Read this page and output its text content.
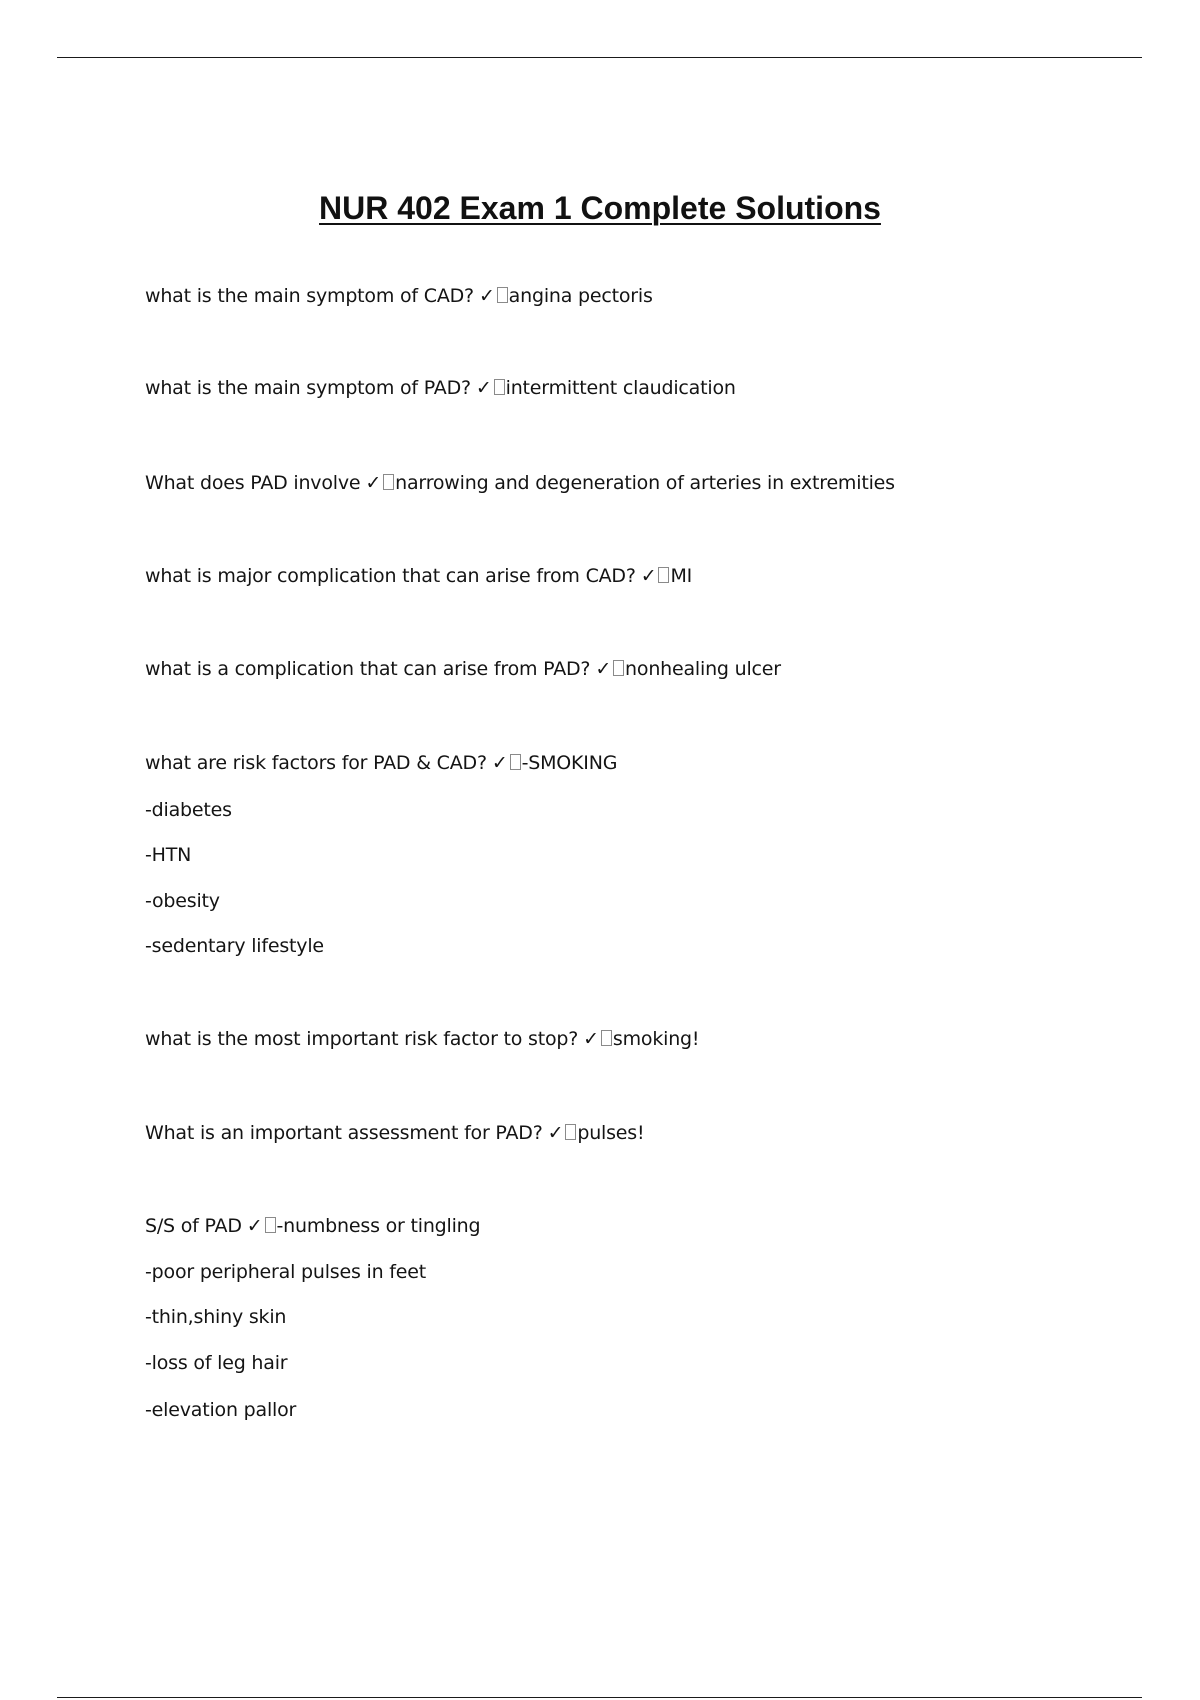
NUR 402 Exam 1 Complete Solutions
what is the main symptom of CAD? ✓ angina pectoris
what is the main symptom of PAD? ✓ intermittent claudication
What does PAD involve ✓ narrowing and degeneration of arteries in extremities
what is major complication that can arise from CAD? ✓ MI
what is a complication that can arise from PAD? ✓ nonhealing ulcer
what are risk factors for PAD & CAD? ✓ -SMOKING
-diabetes
-HTN
-obesity
-sedentary lifestyle
what is the most important risk factor to stop? ✓ smoking!
What is an important assessment for PAD? ✓ pulses!
S/S of PAD ✓ -numbness or tingling
-poor peripheral pulses in feet
-thin,shiny skin
-loss of leg hair
-elevation pallor
